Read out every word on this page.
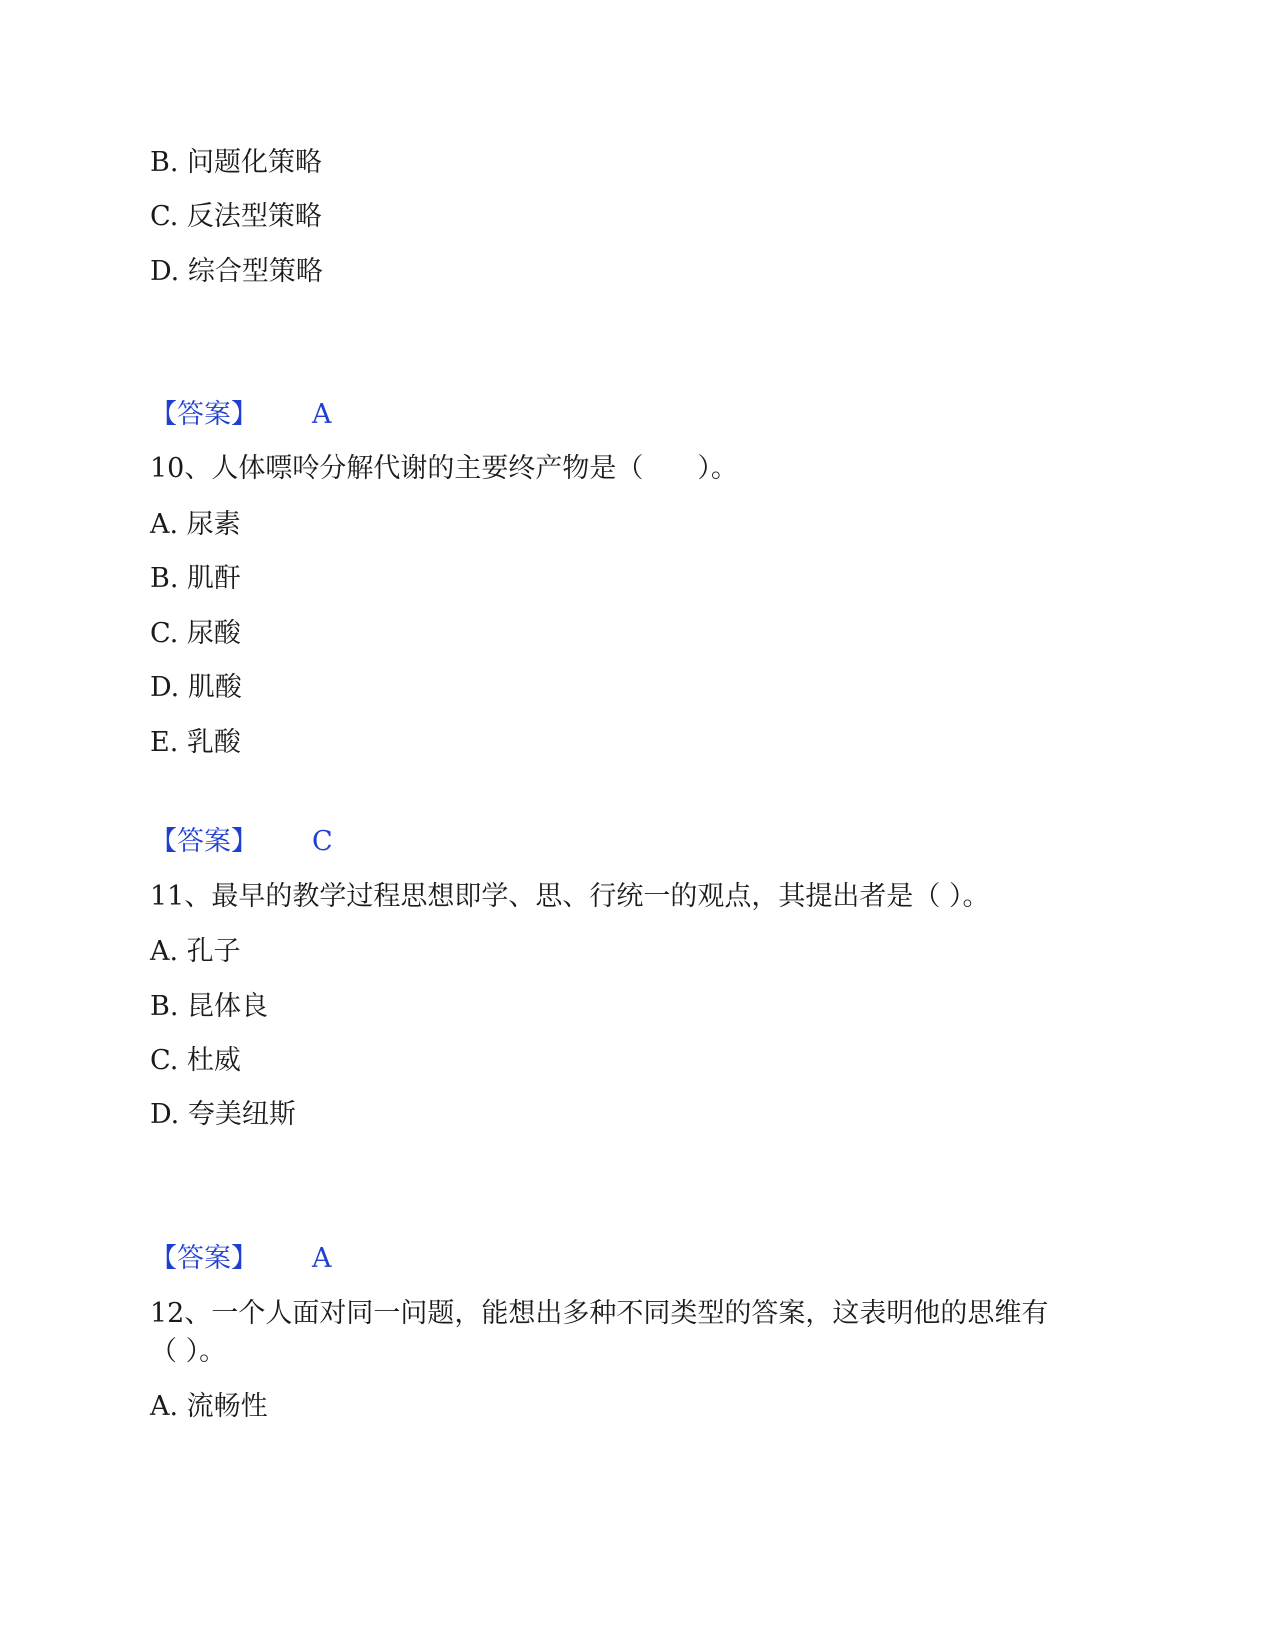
B. 问题化策略
C. 反法型策略
D. 综合型策略
【答案】 A
10、人体嘌呤分解代谢的主要终产物是（　　）。
A. 尿素
B. 肌酐
C. 尿酸
D. 肌酸
E. 乳酸
【答案】 C
11、最早的教学过程思想即学、思、行统一的观点，其提出者是（ ）。
A. 孔子
B. 昆体良
C. 杜威
D. 夸美纽斯
【答案】 A
12、一个人面对同一问题，能想出多种不同类型的答案，这表明他的思维有
（ ）。
A. 流畅性
